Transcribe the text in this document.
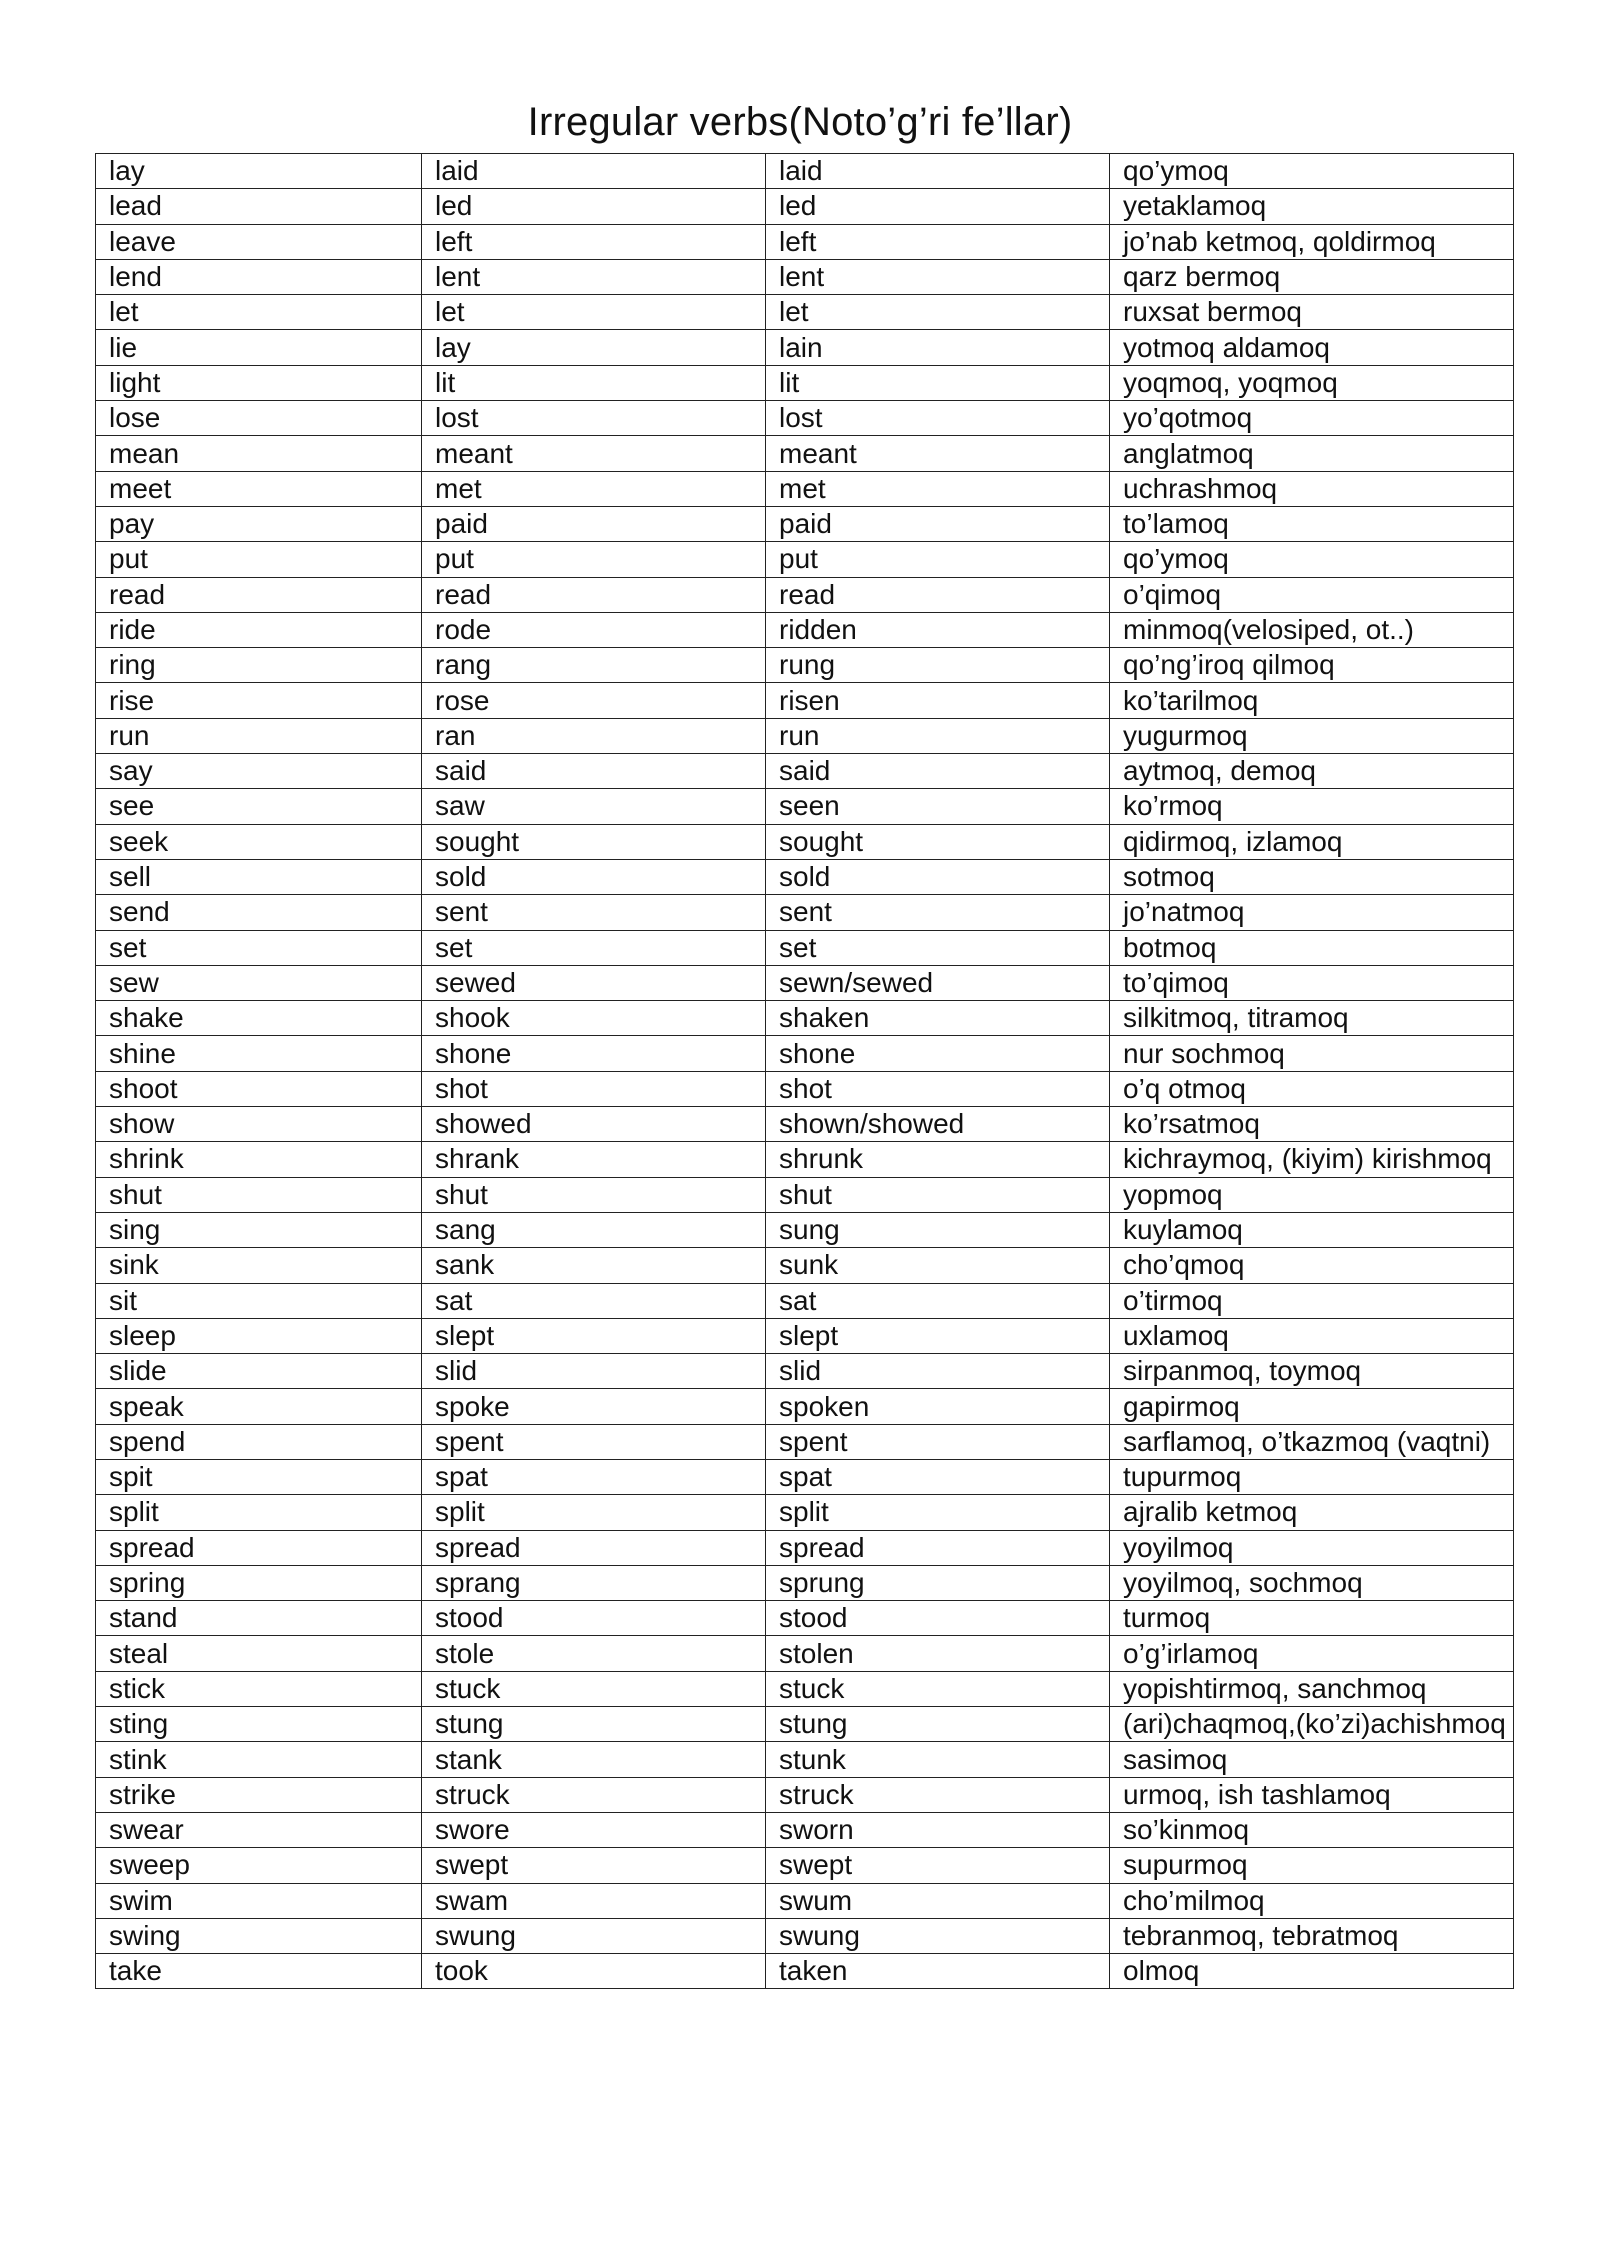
Irregular verbs(Noto’g’ri fe’llar)
lay	laid	laid	qo’ymoq
lead	led	led	yetaklamoq
leave	left	left	jo’nab ketmoq, qoldirmoq
lend	lent	lent	qarz bermoq
let	let	let	ruxsat bermoq
lie	lay	lain	yotmoq aldamoq
light	lit	lit	yoqmoq, yoqmoq
lose	lost	lost	yo’qotmoq
mean	meant	meant	anglatmoq
meet	met	met	uchrashmoq
pay	paid	paid	to’lamoq
put	put	put	qo’ymoq
read	read	read	o’qimoq
ride	rode	ridden	minmoq(velosiped, ot..)
ring	rang	rung	qo’ng’iroq qilmoq
rise	rose	risen	ko’tarilmoq
run	ran	run	yugurmoq
say	said	said	aytmoq, demoq
see	saw	seen	ko’rmoq
seek	sought	sought	qidirmoq, izlamoq
sell	sold	sold	sotmoq
send	sent	sent	jo’natmoq
set	set	set	botmoq
sew	sewed	sewn/sewed	to’qimoq
shake	shook	shaken	silkitmoq, titramoq
shine	shone	shone	nur sochmoq
shoot	shot	shot	o’q otmoq
show	showed	shown/showed	ko’rsatmoq
shrink	shrank	shrunk	kichraymoq, (kiyim) kirishmoq
shut	shut	shut	yopmoq
sing	sang	sung	kuylamoq
sink	sank	sunk	cho’qmoq
sit	sat	sat	o’tirmoq
sleep	slept	slept	uxlamoq
slide	slid	slid	sirpanmoq, toymoq
speak	spoke	spoken	gapirmoq
spend	spent	spent	sarflamoq, o’tkazmoq (vaqtni)
spit	spat	spat	tupurmoq
split	split	split	ajralib ketmoq
spread	spread	spread	yoyilmoq
spring	sprang	sprung	yoyilmoq, sochmoq
stand	stood	stood	turmoq
steal	stole	stolen	o’g’irlamoq
stick	stuck	stuck	yopishtirmoq, sanchmoq
sting	stung	stung	(ari)chaqmoq,(ko’zi)achishmoq
stink	stank	stunk	sasimoq
strike	struck	struck	urmoq, ish tashlamoq
swear	swore	sworn	so’kinmoq
sweep	swept	swept	supurmoq
swim	swam	swum	cho’milmoq
swing	swung	swung	tebranmoq, tebratmoq
take	took	taken	olmoq
